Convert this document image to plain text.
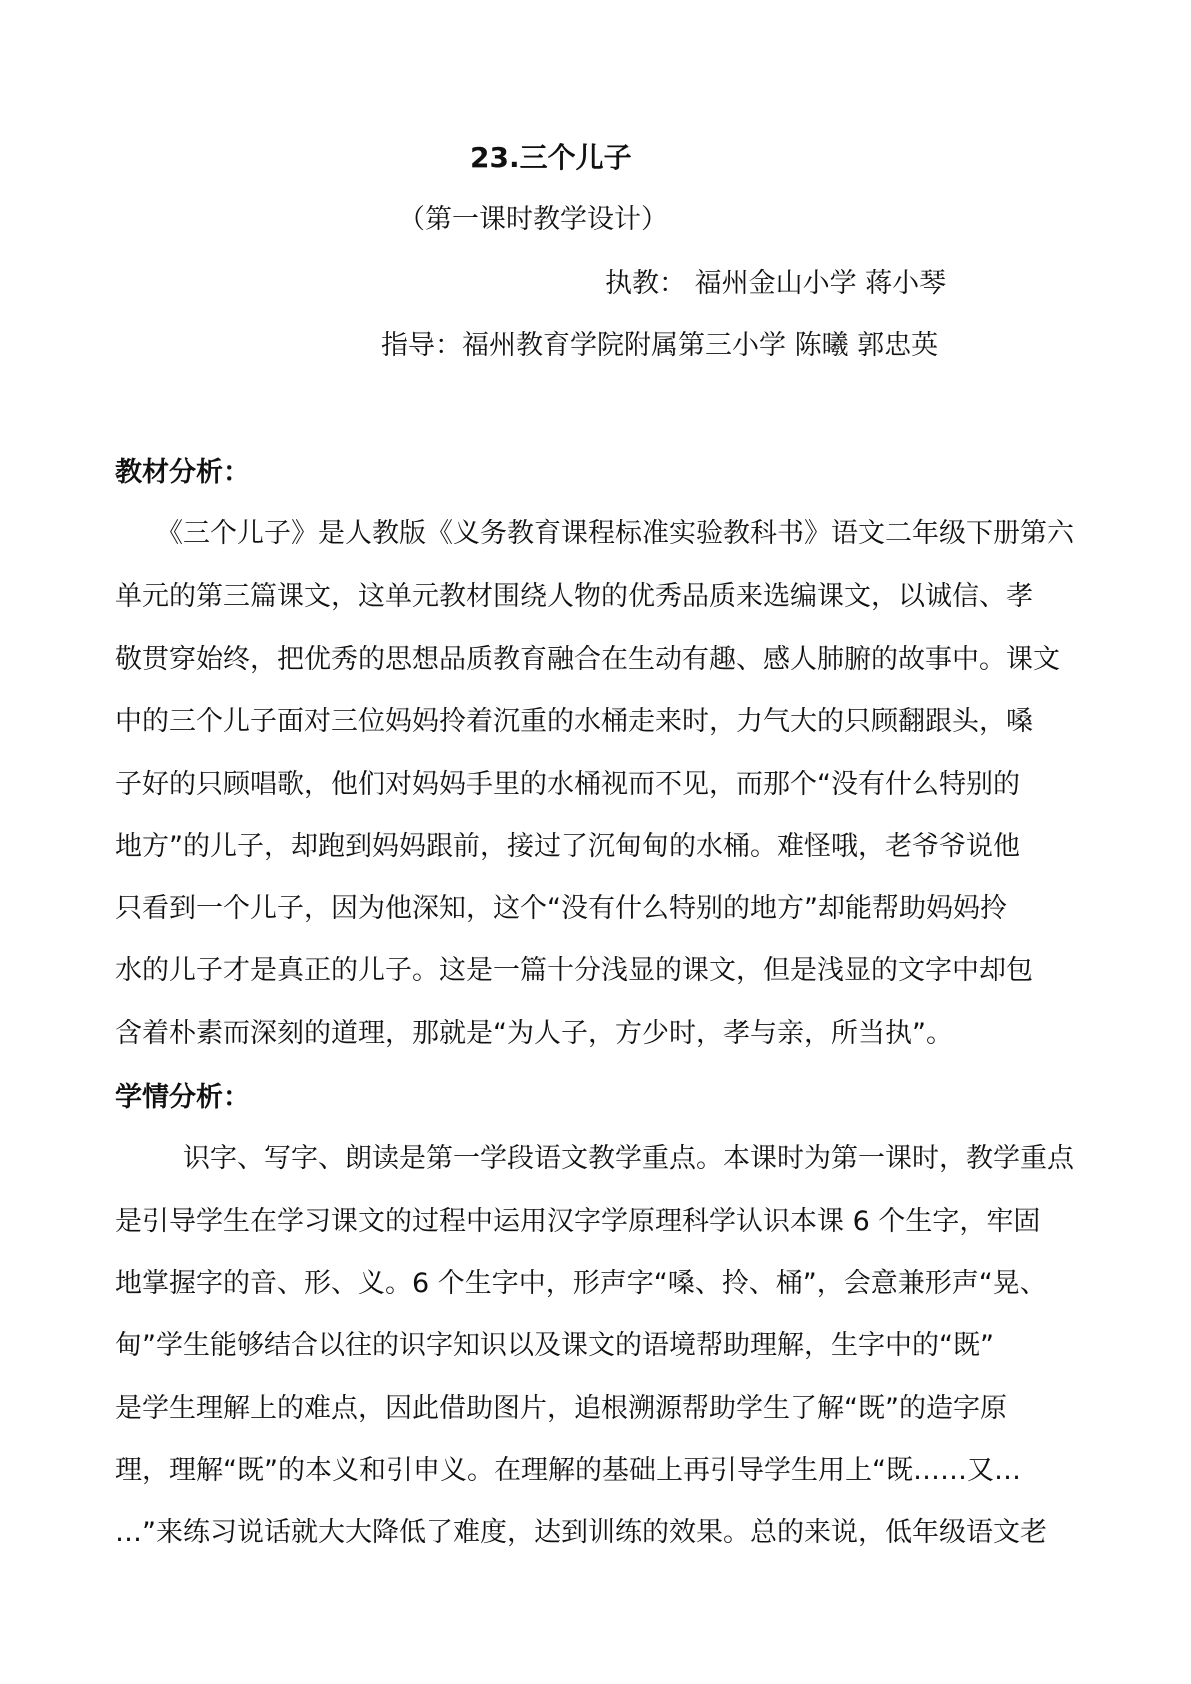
23.三个儿子
（第一课时教学设计）
执教： 福州金山小学 蒋小琴
指导：福州教育学院附属第三小学 陈曦 郭忠英
教材分析：
《三个儿子》是人教版《义务教育课程标准实验教科书》语文二年级下册第六
单元的第三篇课文，这单元教材围绕人物的优秀品质来选编课文，以诚信、孝
敬贯穿始终，把优秀的思想品质教育融合在生动有趣、感人肺腑的故事中。课文
中的三个儿子面对三位妈妈拎着沉重的水桶走来时，力气大的只顾翻跟头，嗓
子好的只顾唱歌，他们对妈妈手里的水桶视而不见，而那个“没有什么特别的
地方”的儿子，却跑到妈妈跟前，接过了沉甸甸的水桶。难怪哦，老爷爷说他
只看到一个儿子，因为他深知，这个“没有什么特别的地方”却能帮助妈妈拎
水的儿子才是真正的儿子。这是一篇十分浅显的课文，但是浅显的文字中却包
含着朴素而深刻的道理，那就是“为人子，方少时，孝与亲，所当执”。
学情分析：
识字、写字、朗读是第一学段语文教学重点。本课时为第一课时，教学重点
是引导学生在学习课文的过程中运用汉字学原理科学认识本课 6 个生字，牢固
地掌握字的音、形、义。6 个生字中，形声字“嗓、拎、桶”，会意兼形声“晃、
甸”学生能够结合以往的识字知识以及课文的语境帮助理解，生字中的“既”
是学生理解上的难点，因此借助图片，追根溯源帮助学生了解“既”的造字原
理，理解“既”的本义和引申义。在理解的基础上再引导学生用上“既……又…
…”来练习说话就大大降低了难度，达到训练的效果。总的来说，低年级语文老
